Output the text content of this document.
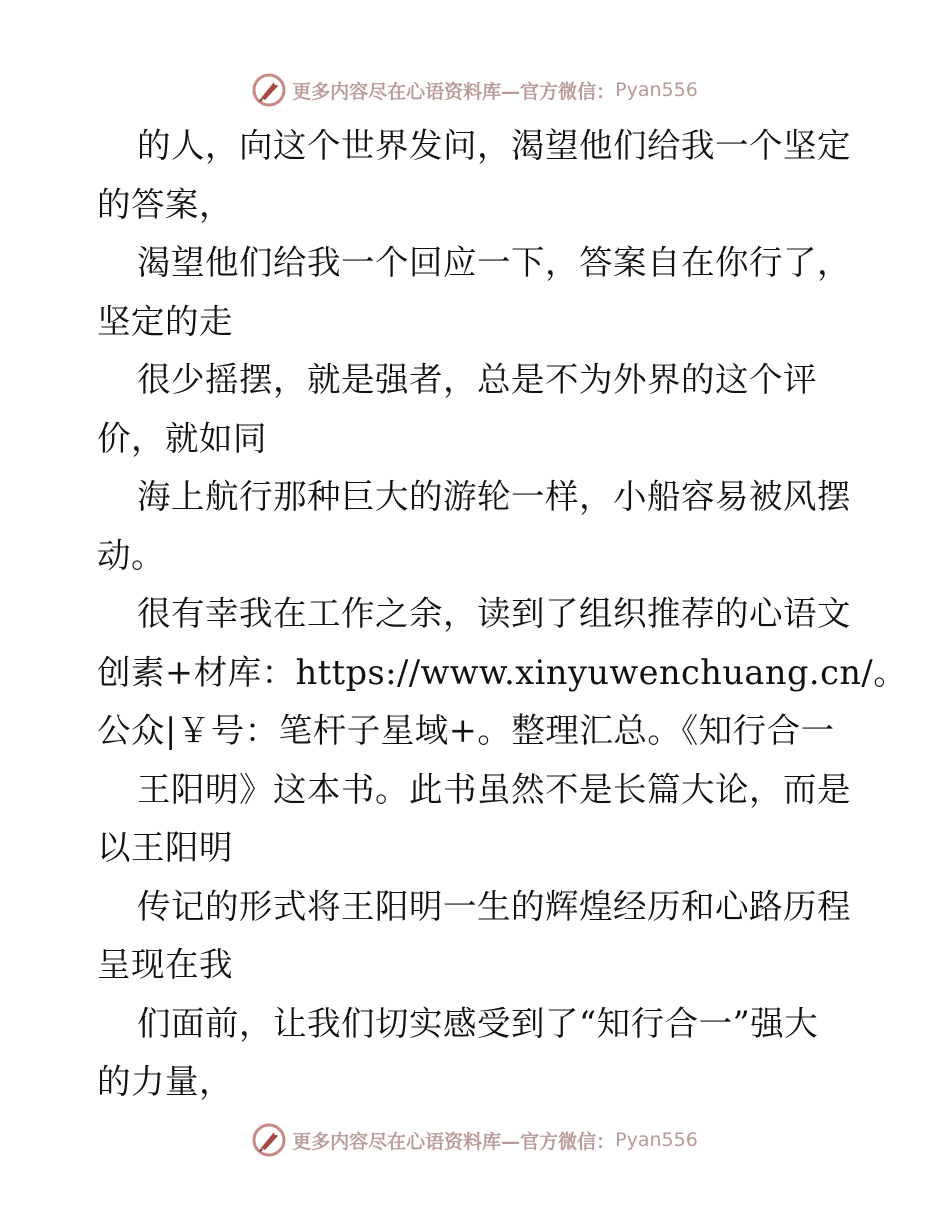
更多内容尽在心语资料库—官方微信： Pyan556
的人，向这个世界发问，渴望他们给我一个坚定
的答案，
渴望他们给我一个回应一下，答案自在你行了，
坚定的走
很少摇摆，就是强者，总是不为外界的这个评
价，就如同
海上航行那种巨大的游轮一样，小船容易被风摆
动。
很有幸我在工作之余，读到了组织推荐的心语文
创素+材库：https://www.xinyuwenchuang.cn/。
公众|￥号：笔杆子星域+。整理汇总。《知行合一
王阳明》这本书。此书虽然不是长篇大论，而是
以王阳明
传记的形式将王阳明一生的辉煌经历和心路历程
呈现在我
们面前，让我们切实感受到了“知行合一”强大
的力量，
更多内容尽在心语资料库—官方微信： Pyan556
